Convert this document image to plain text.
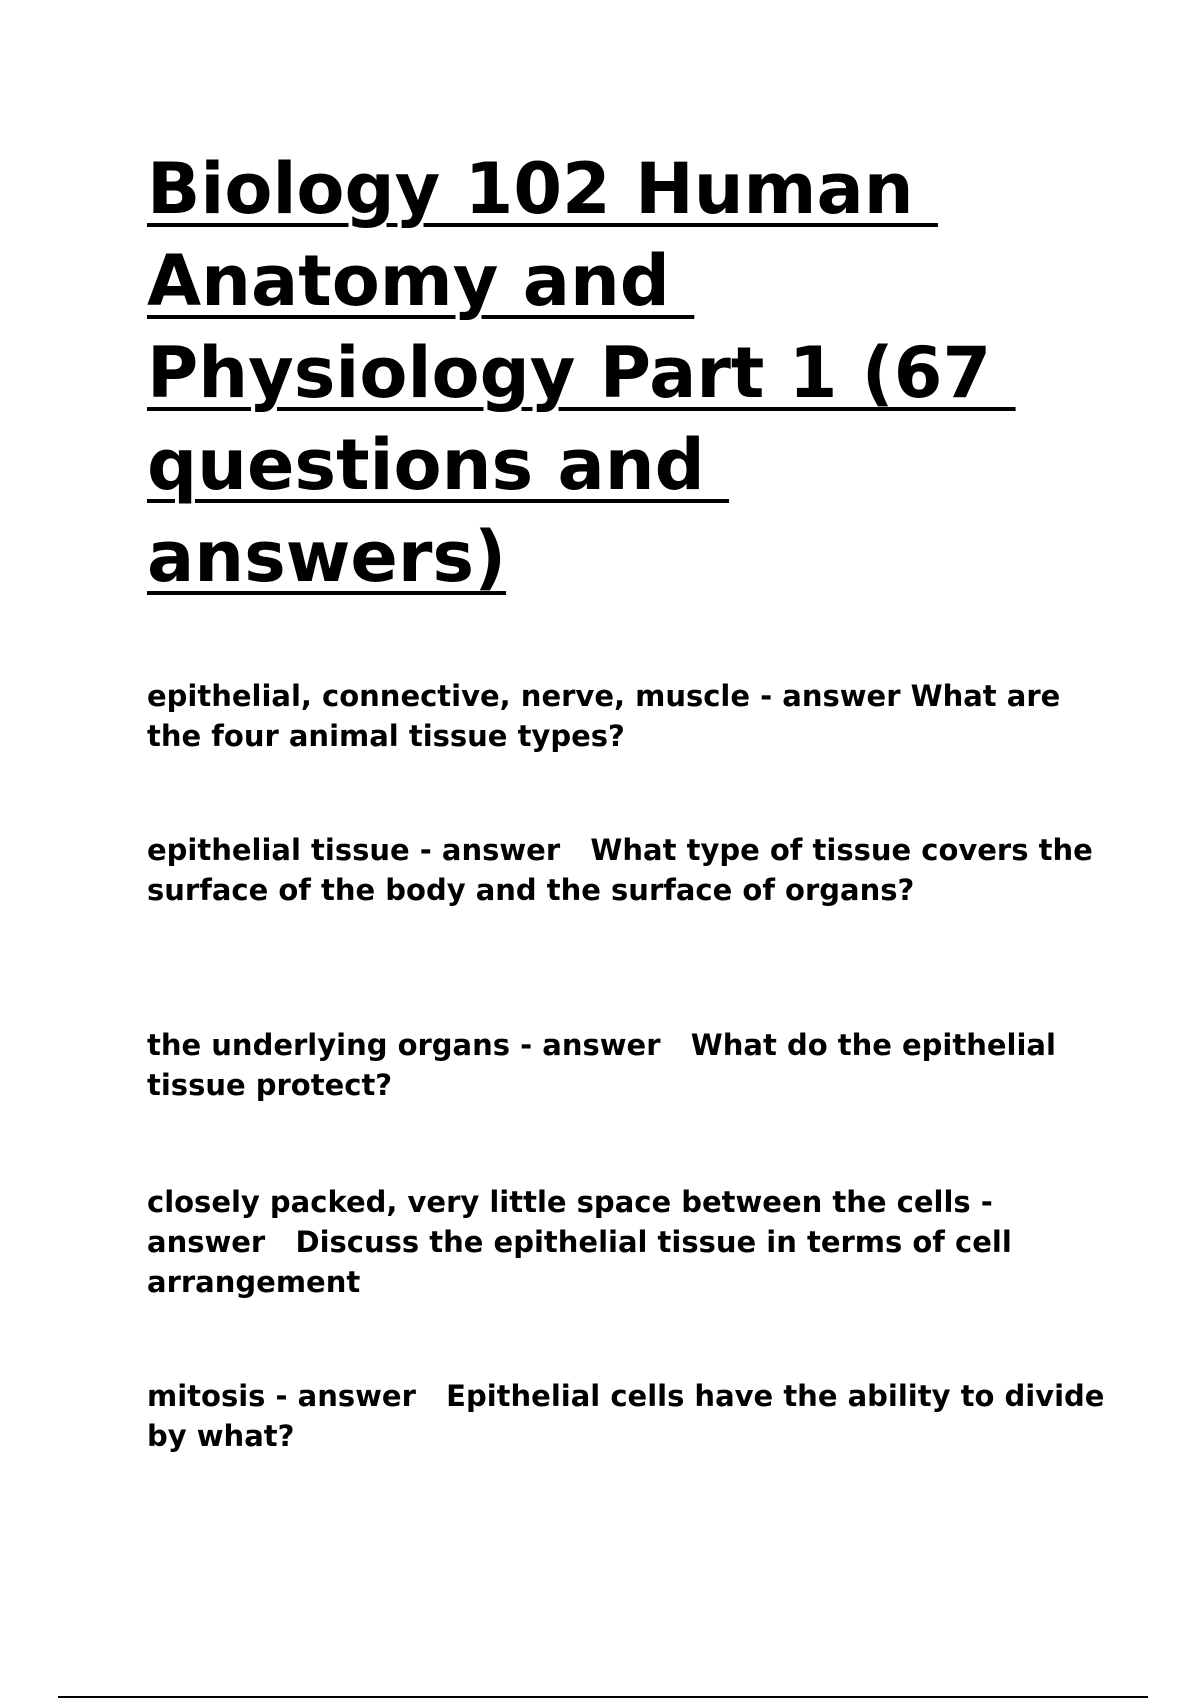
Biology 102 Human
Anatomy and
Physiology Part 1 (67
questions and
answers)

epithelial, connective, nerve, muscle - answer What are the four animal tissue types?

epithelial tissue - answer   What type of tissue covers the surface of the body and the surface of organs?

the underlying organs - answer   What do the epithelial tissue protect?

closely packed, very little space between the cells - answer   Discuss the epithelial tissue in terms of cell arrangement

mitosis - answer   Epithelial cells have the ability to divide by what?
